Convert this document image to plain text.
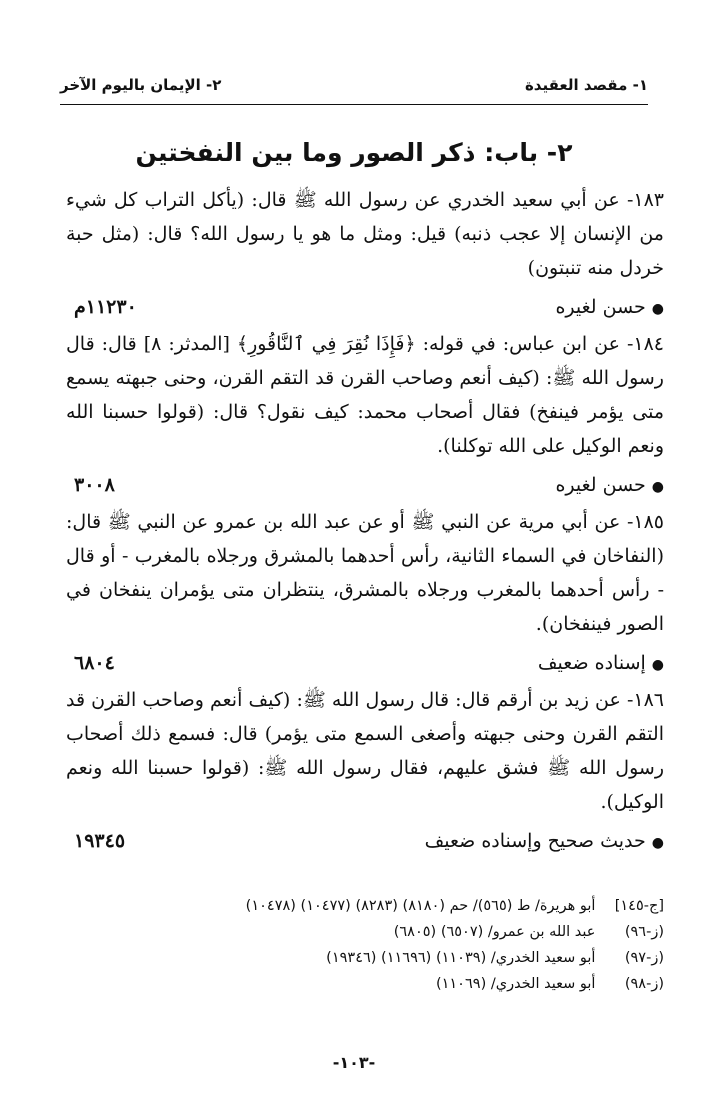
١- مقصد العقيدة
٢- الإيمان باليوم الآخر
٢- باب: ذكر الصور وما بين النفختين

١٨٣- عن أبي سعيد الخدري عن رسول الله ﷺ قال: (يأكل التراب كل شيء من الإنسان إلا عجب ذنبه) قيل: ومثل ما هو يا رسول الله؟ قال: (مثل حبة خردل منه تنبتون)

●حسن لغيره
١١٢٣٠م

١٨٤- عن ابن عباس: في قوله: ﴿فَإِذَا نُقِرَ فِي ٱلنَّاقُورِ﴾ [المدثر: ٨] قال: قال رسول الله ﷺ: (كيف أنعم وصاحب القرن قد التقم القرن، وحنى جبهته يسمع متى يؤمر فينفخ) فقال أصحاب محمد: كيف نقول؟ قال: (قولوا حسبنا الله ونعم الوكيل على الله توكلنا).

●حسن لغيره
٣٠٠٨

١٨٥- عن أبي مرية عن النبي ﷺ أو عن عبد الله بن عمرو عن النبي ﷺ قال: (النفاخان في السماء الثانية، رأس أحدهما بالمشرق ورجلاه بالمغرب - أو قال - رأس أحدهما بالمغرب ورجلاه بالمشرق، ينتظران متى يؤمران ينفخان في الصور فينفخان).

●إسناده ضعيف
٦٨٠٤

١٨٦- عن زيد بن أرقم قال: قال رسول الله ﷺ: (كيف أنعم وصاحب القرن قد التقم القرن وحنى جبهته وأصغى السمع متى يؤمر) قال: فسمع ذلك أصحاب رسول الله ﷺ فشق عليهم، فقال رسول الله ﷺ: (قولوا حسبنا الله ونعم الوكيل).

●حديث صحيح وإسناده ضعيف
١٩٣٤٥

[ج-١٤٥] أبو هريرة/ ط (٥٦٥)/ حم (٨١٨٠) (٨٢٨٣) (١٠٤٧٧) (١٠٤٧٨)

(ز-٩٦) عبد الله بن عمرو/ (٦٥٠٧) (٦٨٠٥)

(ز-٩٧) أبو سعيد الخدري/ (١١٠٣٩) (١١٦٩٦) (١٩٣٤٦)

(ز-٩٨) أبو سعيد الخدري/ (١١٠٦٩)

-١٠٣-
